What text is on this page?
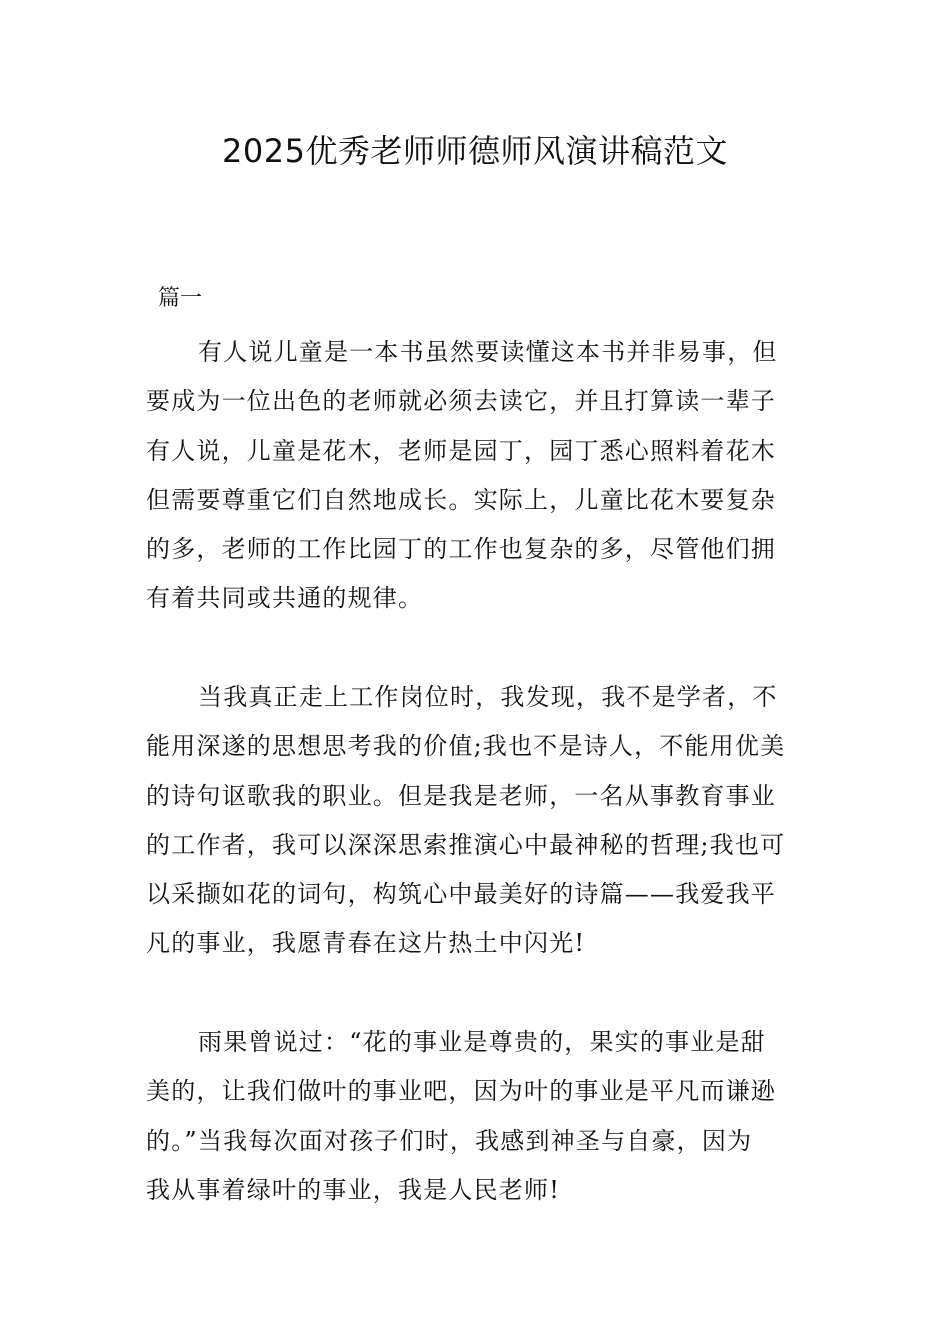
2025优秀老师师德师风演讲稿范文

篇一

有人说儿童是一本书虽然要读懂这本书并非易事，但
要成为一位出色的老师就必须去读它，并且打算读一辈子
有人说，儿童是花木，老师是园丁，园丁悉心照料着花木
但需要尊重它们自然地成长。实际上，儿童比花木要复杂
的多，老师的工作比园丁的工作也复杂的多，尽管他们拥
有着共同或共通的规律。
当我真正走上工作岗位时，我发现，我不是学者，不
能用深遂的思想思考我的价值;我也不是诗人，不能用优美
的诗句讴歌我的职业。但是我是老师，一名从事教育事业
的工作者，我可以深深思索推演心中最神秘的哲理;我也可
以采撷如花的词句，构筑心中最美好的诗篇——我爱我平
凡的事业，我愿青春在这片热土中闪光!
雨果曾说过：“花的事业是尊贵的，果实的事业是甜
美的，让我们做叶的事业吧，因为叶的事业是平凡而谦逊
的。”当我每次面对孩子们时，我感到神圣与自豪，因为
我从事着绿叶的事业，我是人民老师!
